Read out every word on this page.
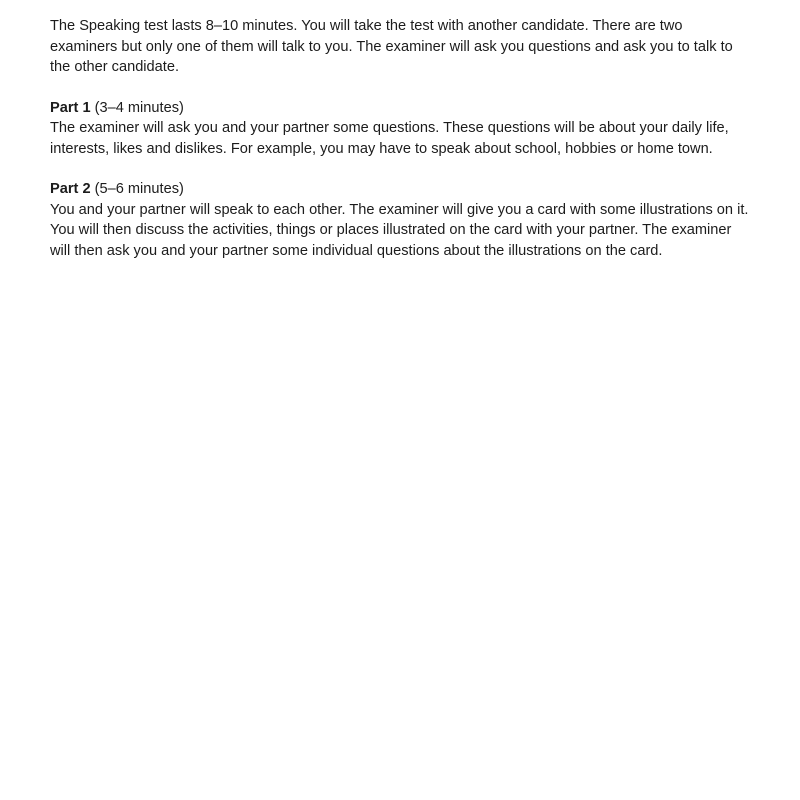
The Speaking test lasts 8–10 minutes. You will take the test with another candidate. There are two examiners but only one of them will talk to you. The examiner will ask you questions and ask you to talk to the other candidate.

Part 1 (3–4 minutes)

The examiner will ask you and your partner some questions. These questions will be about your daily life, interests, likes and dislikes. For example, you may have to speak about school, hobbies or home town.

Part 2 (5–6 minutes)

You and your partner will speak to each other. The examiner will give you a card with some illustrations on it. You will then discuss the activities, things or places illustrated on the card with your partner. The examiner will then ask you and your partner some individual questions about the illustrations on the card.
